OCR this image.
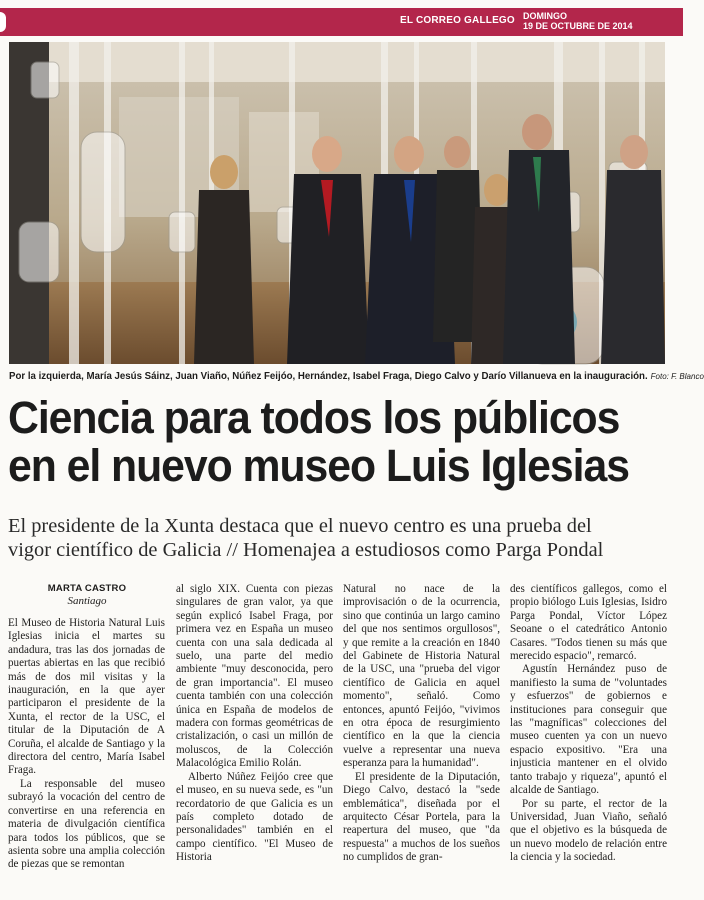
EL CORREO GALLEGO DOMINGO
19 DE OCTUBRE DE 2014
Por la izquierda, María Jesús Sáinz, Juan Viaño, Núñez Feijóo, Hernández, Isabel Fraga, Diego Calvo y Darío Villanueva en la inauguración. Foto: F. Blanco
Ciencia para todos los públicos
en el nuevo museo Luis Iglesias
El presidente de la Xunta destaca que el nuevo centro es una prueba del
vigor científico de Galicia // Homenajea a estudiosos como Parga Pondal
MARTA CASTRO
Santiago

El Museo de Historia Natural Luis Iglesias inicia el martes su andadura, tras las dos jornadas de puertas abiertas en las que recibió más de dos mil visitas y la inauguración, en la que ayer participaron el presidente de la Xunta, el rector de la USC, el titular de la Diputación de A Coruña, el alcalde de Santiago y la directora del centro, María Isabel Fraga.

La responsable del museo subrayó la vocación del centro de convertirse en una referencia en materia de divulgación científica para todos los públicos, que se asienta sobre una amplia colección de piezas que se remontan

al siglo XIX. Cuenta con piezas singulares de gran valor, ya que según explicó Isabel Fraga, por primera vez en España un museo cuenta con una sala dedicada al suelo, una parte del medio ambiente "muy desconocida, pero de gran importancia". El museo cuenta también con una colección única en España de modelos de madera con formas geométricas de cristalización, o casi un millón de moluscos, de la Colección Malacológica Emilio Rolán.

Alberto Núñez Feijóo cree que el museo, en su nueva sede, es "un recordatorio de que Galicia es un país completo dotado de personalidades" también en el campo científico. "El Museo de Historia

Natural no nace de la improvisación o de la ocurrencia, sino que continúa un largo camino del que nos sentimos orgullosos", y que remite a la creación en 1840 del Gabinete de Historia Natural de la USC, una "prueba del vigor científico de Galicia en aquel momento", señaló. Como entonces, apuntó Feijóo, "vivimos en otra época de resurgimiento científico en la que la ciencia vuelve a representar una nueva esperanza para la humanidad".

El presidente de la Diputación, Diego Calvo, destacó la "sede emblemática", diseñada por el arquitecto César Portela, para la reapertura del museo, que "da respuesta" a muchos de los sueños no cumplidos de gran-

des científicos gallegos, como el propio biólogo Luis Iglesias, Isidro Parga Pondal, Víctor López Seoane o el catedrático Antonio Casares. "Todos tienen su más que merecido espacio", remarcó.

Agustín Hernández puso de manifiesto la suma de "voluntades y esfuerzos" de gobiernos e instituciones para conseguir que las "magníficas" colecciones del museo cuenten ya con un nuevo espacio expositivo. "Era una injusticia mantener en el olvido tanto trabajo y riqueza", apuntó el alcalde de Santiago.

Por su parte, el rector de la Universidad, Juan Viaño, señaló que el objetivo es la búsqueda de un nuevo modelo de relación entre la ciencia y la sociedad.
